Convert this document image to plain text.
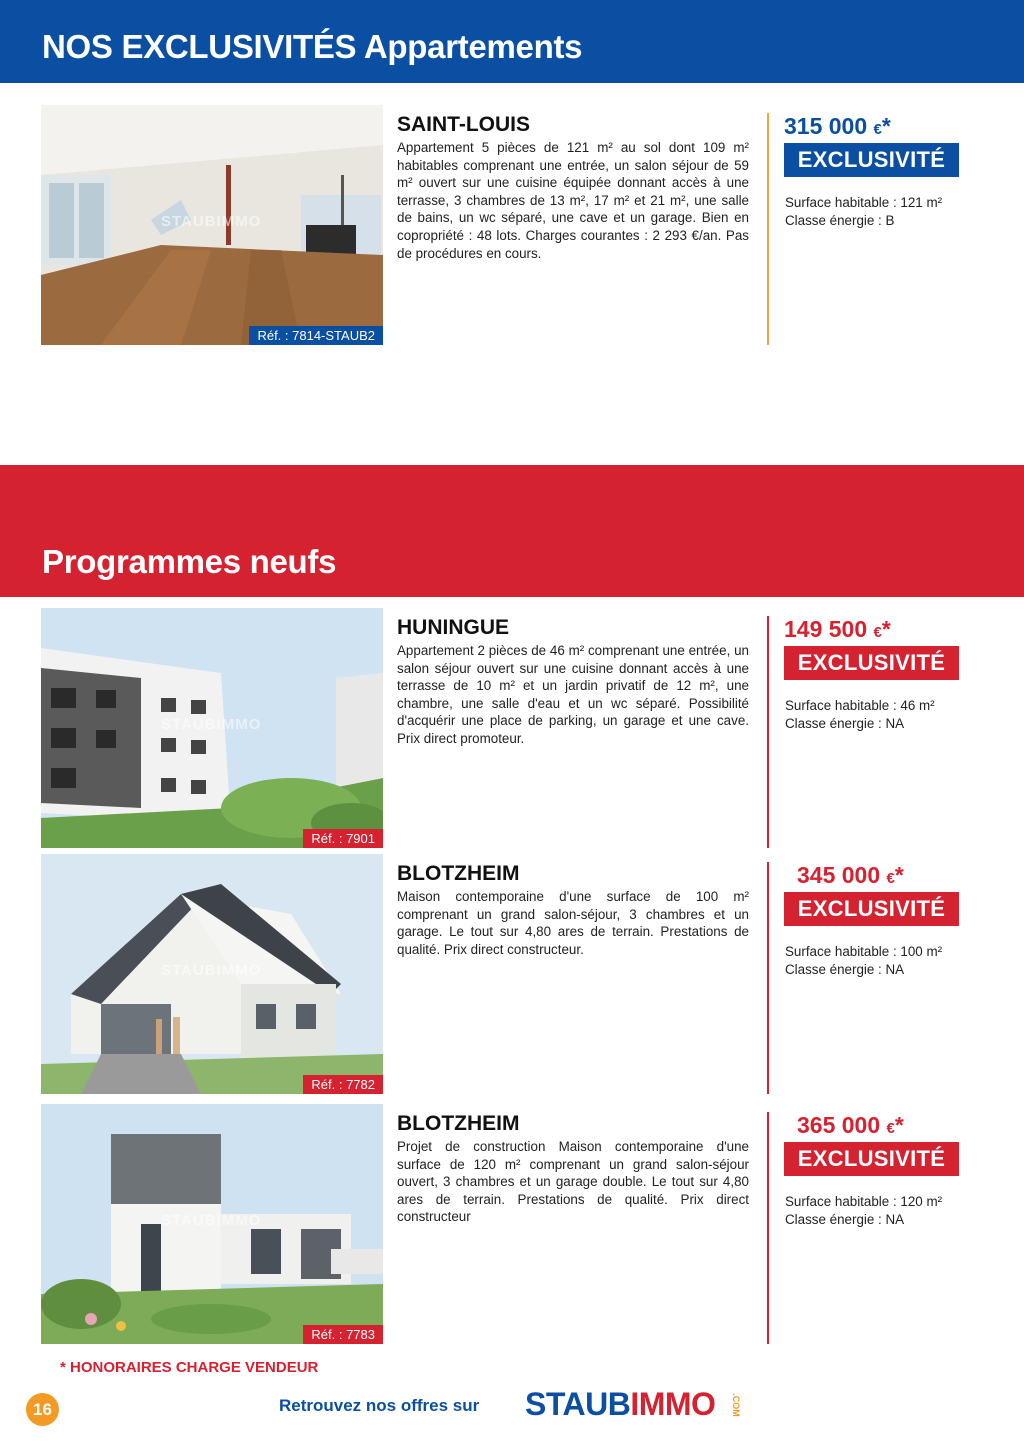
NOS EXCLUSIVITÉS Appartements
STAUBIMMO
Réf. : 7814-STAUB2
SAINT-LOUIS
Appartement 5 pièces de 121 m² au sol dont 109 m² habitables comprenant une entrée, un salon séjour de 59 m² ouvert sur une cuisine équipée donnant accès à une terrasse, 3 chambres de 13 m², 17 m² et 21 m², une salle de bains, un wc séparé, une cave et un garage. Bien en copropriété : 48 lots. Charges courantes : 2 293 €/an. Pas de procédures en cours.
315 000 €*
EXCLUSIVITÉ
Surface habitable : 121 m²
Classe énergie : B
Programmes neufs
STAUBIMMO
Réf. : 7901
HUNINGUE
Appartement 2 pièces de 46 m² comprenant une entrée, un salon séjour ouvert sur une cuisine donnant accès à une terrasse de 10 m² et un jardin privatif de 12 m², une chambre, une salle d'eau et un wc séparé. Possibilité d'acquérir une place de parking, un garage et une cave. Prix direct promoteur.
149 500 €*
EXCLUSIVITÉ
Surface habitable : 46 m²
Classe énergie : NA
STAUBIMMO
Réf. : 7782
BLOTZHEIM
Maison contemporaine d'une surface de 100 m² comprenant un grand salon-séjour, 3 chambres et un garage. Le tout sur 4,80 ares de terrain. Prestations de qualité. Prix direct constructeur.
345 000 €*
EXCLUSIVITÉ
Surface habitable : 100 m²
Classe énergie : NA
STAUBIMMO
Réf. : 7783
BLOTZHEIM
Projet de construction Maison contemporaine d'une surface de 120 m² comprenant un grand salon-séjour ouvert, 3 chambres et un garage double. Le tout sur 4,80 ares de terrain. Prestations de qualité. Prix direct constructeur
365 000 €*
EXCLUSIVITÉ
Surface habitable : 120 m²
Classe énergie : NA
* HONORAIRES CHARGE VENDEUR
16	Retrouvez nos offres sur STAUBIMMO .COM
